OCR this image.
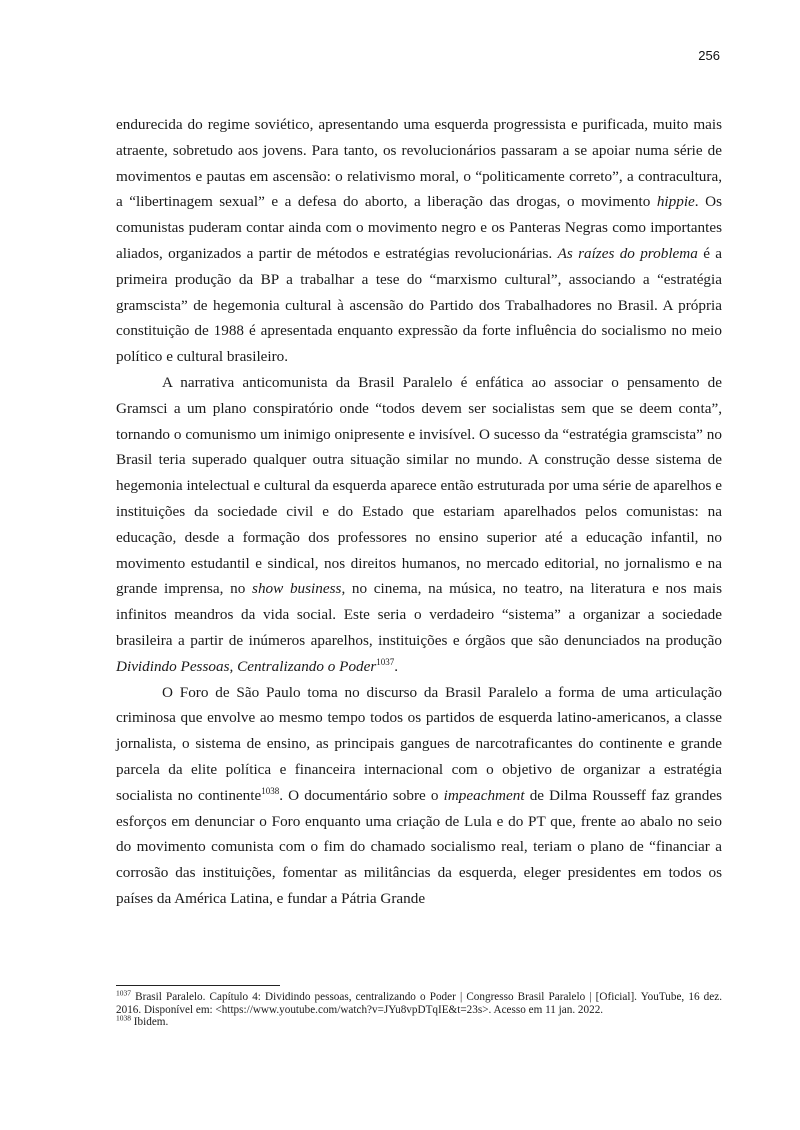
256

endurecida do regime soviético, apresentando uma esquerda progressista e purificada, muito mais atraente, sobretudo aos jovens. Para tanto, os revolucionários passaram a se apoiar numa série de movimentos e pautas em ascensão: o relativismo moral, o “politicamente correto”, a contracultura, a “libertinagem sexual” e a defesa do aborto, a liberação das drogas, o movimento hippie. Os comunistas puderam contar ainda com o movimento negro e os Panteras Negras como importantes aliados, organizados a partir de métodos e estratégias revolucionárias. As raízes do problema é a primeira produção da BP a trabalhar a tese do “marxismo cultural”, associando a “estratégia gramscista” de hegemonia cultural à ascensão do Partido dos Trabalhadores no Brasil. A própria constituição de 1988 é apresentada enquanto expressão da forte influência do socialismo no meio político e cultural brasileiro.

A narrativa anticomunista da Brasil Paralelo é enfática ao associar o pensamento de Gramsci a um plano conspiratório onde “todos devem ser socialistas sem que se deem conta”, tornando o comunismo um inimigo onipresente e invisível. O sucesso da “estratégia gramscista” no Brasil teria superado qualquer outra situação similar no mundo. A construção desse sistema de hegemonia intelectual e cultural da esquerda aparece então estruturada por uma série de aparelhos e instituições da sociedade civil e do Estado que estariam aparelhados pelos comunistas: na educação, desde a formação dos professores no ensino superior até a educação infantil, no movimento estudantil e sindical, nos direitos humanos, no mercado editorial, no jornalismo e na grande imprensa, no show business, no cinema, na música, no teatro, na literatura e nos mais infinitos meandros da vida social. Este seria o verdadeiro “sistema” a organizar a sociedade brasileira a partir de inúmeros aparelhos, instituições e órgãos que são denunciados na produção Dividindo Pessoas, Centralizando o Poder$^{1037}$.

O Foro de São Paulo toma no discurso da Brasil Paralelo a forma de uma articulação criminosa que envolve ao mesmo tempo todos os partidos de esquerda latino-americanos, a classe jornalista, o sistema de ensino, as principais gangues de narcotraficantes do continente e grande parcela da elite política e financeira internacional com o objetivo de organizar a estratégia socialista no continente$^{1038}$. O documentário sobre o impeachment de Dilma Rousseff faz grandes esforços em denunciar o Foro enquanto uma criação de Lula e do PT que, frente ao abalo no seio do movimento comunista com o fim do chamado socialismo real, teriam o plano de “financiar a corrosão das instituições, fomentar as militâncias da esquerda, eleger presidentes em todos os países da América Latina, e fundar a Pátria Grande

$^{1037}$ Brasil Paralelo. Capítulo 4: Dividindo pessoas, centralizando o Poder | Congresso Brasil Paralelo | [Oficial]. YouTube, 16 dez. 2016. Disponível em: <https://www.youtube.com/watch?v=JYu8vpDTqIE&t=23s>. Acesso em 11 jan. 2022.

$^{1038}$ Ibidem.
